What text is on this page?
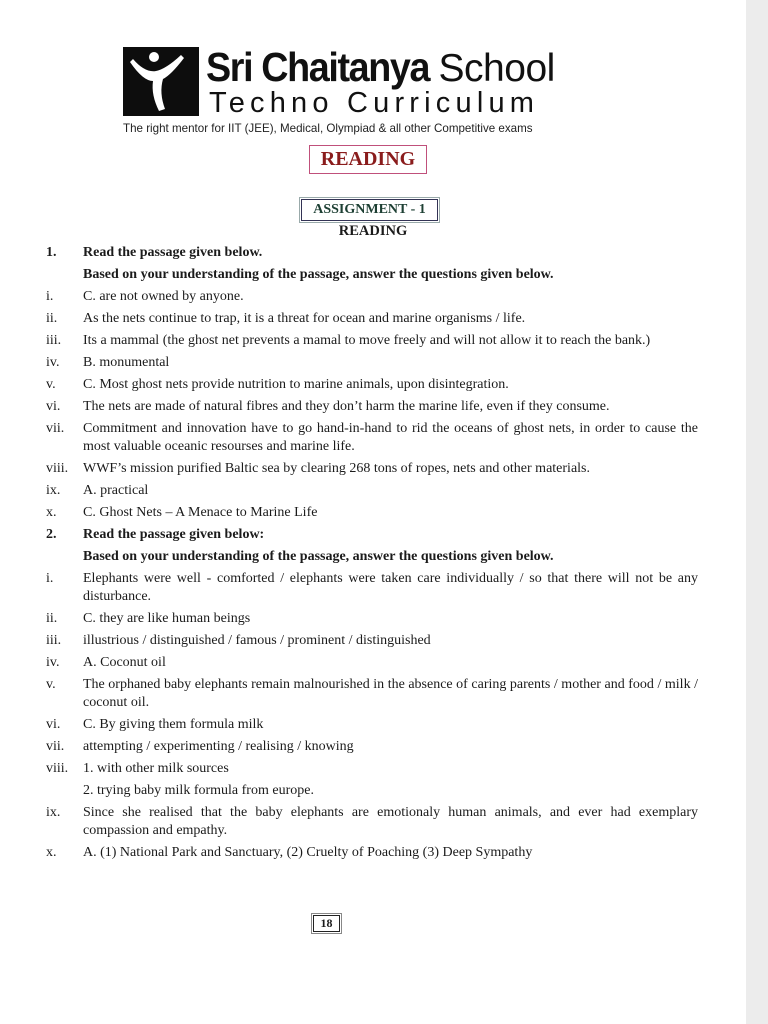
Sri Chaitanya School
Techno Curriculum
The right mentor for IIT (JEE), Medical, Olympiad & all other Competitive exams
READING
ASSIGNMENT - 1
READING
1.	Read the passage given below.
Based on your understanding of the passage, answer the questions given below.
i.	C. are not owned by anyone.
ii.	As the nets continue to trap, it is a threat for ocean and marine organisms / life.
iii.	Its a mammal (the ghost net prevents a mamal to move freely and will not allow it to reach the bank.)
iv.	B. monumental
v.	C. Most ghost nets provide nutrition to marine animals, upon disintegration.
vi.	The nets are made of natural fibres and they don’t harm the marine life, even if they consume.
vii.	Commitment and innovation have to go hand-in-hand to rid the oceans of ghost nets, in order to cause the most valuable oceanic resourses and marine life.
viii.	WWF’s mission purified Baltic sea by clearing 268 tons of ropes, nets and other materials.
ix.	A. practical
x.	C. Ghost Nets – A Menace to Marine Life
2.	Read the passage given below:
Based on your understanding of the passage, answer the questions given below.
i.	Elephants were well - comforted / elephants were taken care individually / so that there will not be any disturbance.
ii.	C. they are like human beings
iii.	illustrious / distinguished / famous / prominent / distinguished
iv.	A. Coconut oil
v.	The orphaned baby elephants remain malnourished in the absence of caring parents / mother and food / milk / coconut oil.
vi.	C. By giving them formula milk
vii.	attempting / experimenting / realising / knowing
viii.	1. with other milk sources
2. trying baby milk formula from europe.
ix.	Since she realised that the baby elephants are emotionaly human animals, and ever had exemplary compassion and empathy.
x.	A. (1) National Park and Sanctuary, (2) Cruelty of Poaching (3) Deep Sympathy
18
